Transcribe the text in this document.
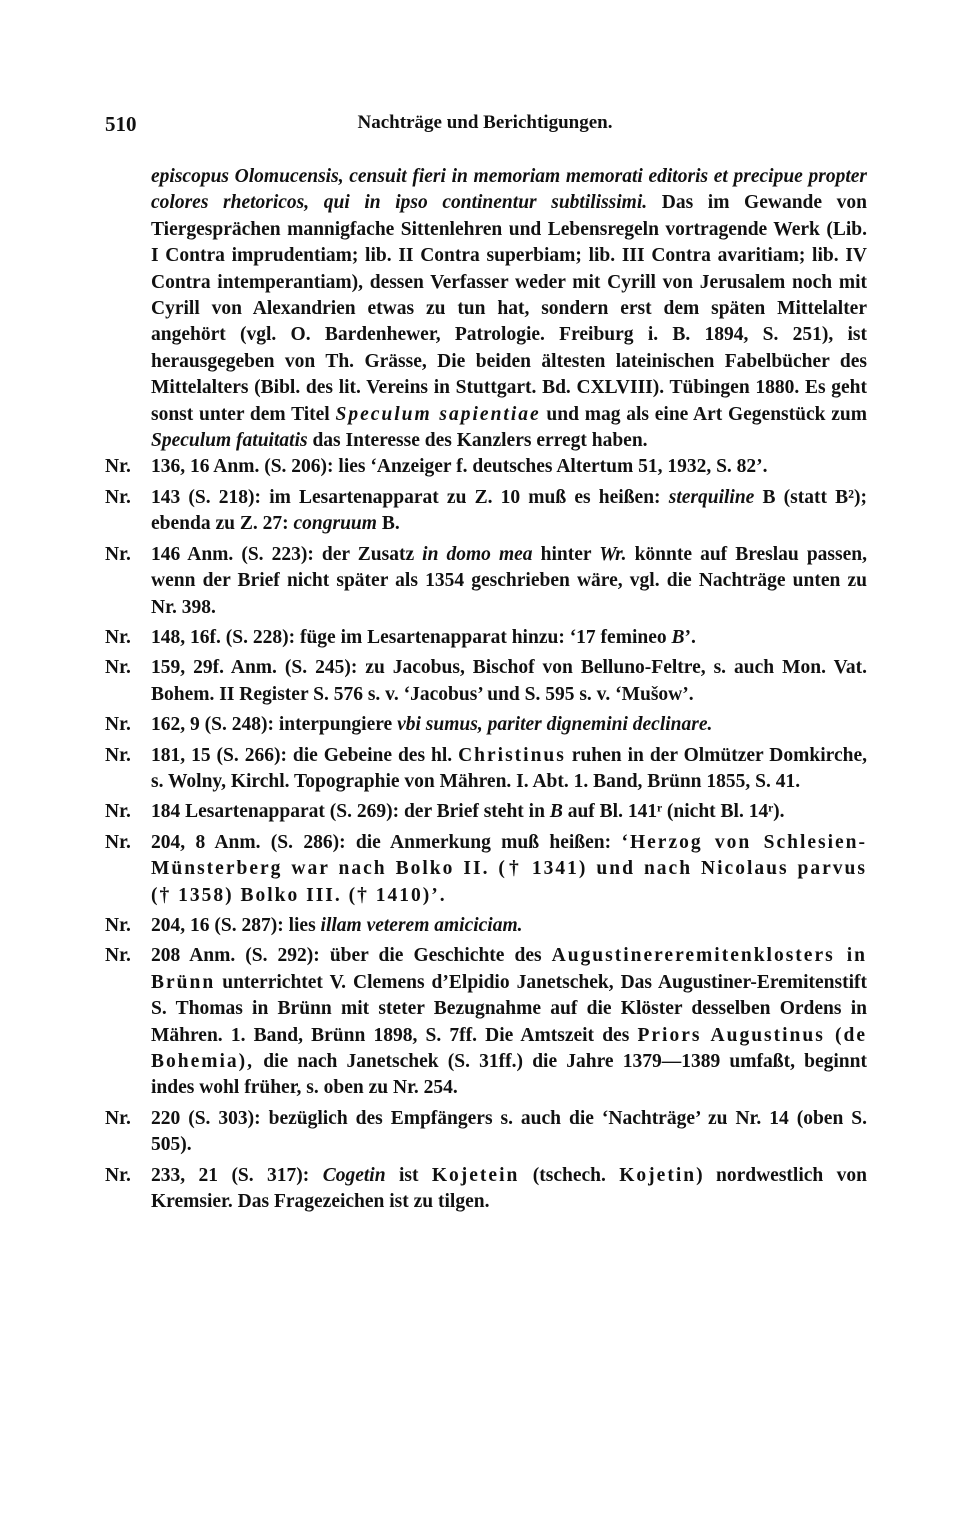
510	Nachträge und Berichtigungen.

episcopus Olomucensis, censuit fieri in memoriam memorati editoris et precipue propter colores rhetoricos, qui in ipso continentur subtilissimi. Das im Gewande von Tiergesprächen mannigfache Sittenlehren und Lebensregeln vortragende Werk (Lib. I Contra imprudentiam; lib. II Contra superbiam; lib. III Contra avaritiam; lib. IV Contra intemperantiam), dessen Verfasser weder mit Cyrill von Jerusalem noch mit Cyrill von Alexandrien etwas zu tun hat, sondern erst dem späten Mittelalter angehört (vgl. O. Bardenhewer, Patrologie. Freiburg i. B. 1894, S. 251), ist herausgegeben von Th. Grässe, Die beiden ältesten lateinischen Fabelbücher des Mittelalters (Bibl. des lit. Vereins in Stuttgart. Bd. CXLVIII). Tübingen 1880. Es geht sonst unter dem Titel Speculum sapientiae und mag als eine Art Gegenstück zum Speculum fatuitatis das Interesse des Kanzlers erregt haben.

Nr.	136, 16 Anm. (S. 206): lies ‘Anzeiger f. deutsches Altertum 51, 1932, S. 82’.
Nr.	143 (S. 218): im Lesartenapparat zu Z. 10 muß es heißen: sterquiline B (statt B²); ebenda zu Z. 27: congruum B.
Nr.	146 Anm. (S. 223): der Zusatz in domo mea hinter Wr. könnte auf Breslau passen, wenn der Brief nicht später als 1354 geschrieben wäre, vgl. die Nachträge unten zu Nr. 398.
Nr.	148, 16f. (S. 228): füge im Lesartenapparat hinzu: ‘17 femineo B’.
Nr.	159, 29f. Anm. (S. 245): zu Jacobus, Bischof von Belluno-Feltre, s. auch Mon. Vat. Bohem. II Register S. 576 s. v. ‘Jacobus’ und S. 595 s. v. ‘Mušow’.
Nr.	162, 9 (S. 248): interpungiere vbi sumus, pariter dignemini declinare.
Nr.	181, 15 (S. 266): die Gebeine des hl. Christinus ruhen in der Olmützer Domkirche, s. Wolny, Kirchl. Topographie von Mähren. I. Abt. 1. Band, Brünn 1855, S. 41.
Nr.	184 Lesartenapparat (S. 269): der Brief steht in B auf Bl. 141ʳ (nicht Bl. 14ʳ).
Nr.	204, 8 Anm. (S. 286): die Anmerkung muß heißen: ‘Herzog von Schlesien-Münsterberg war nach Bolko II. († 1341) und nach Nicolaus parvus († 1358) Bolko III. († 1410)’.
Nr.	204, 16 (S. 287): lies illam veterem amiciciam.
Nr.	208 Anm. (S. 292): über die Geschichte des Augustinereremitenklosters in Brünn unterrichtet V. Clemens d’Elpidio Janetschek, Das Augustiner-Eremitenstift S. Thomas in Brünn mit steter Bezugnahme auf die Klöster desselben Ordens in Mähren. 1. Band, Brünn 1898, S. 7ff. Die Amtszeit des Priors Augustinus (de Bohemia), die nach Janetschek (S. 31ff.) die Jahre 1379—1389 umfaßt, beginnt indes wohl früher, s. oben zu Nr. 254.
Nr.	220 (S. 303): bezüglich des Empfängers s. auch die ‘Nachträge’ zu Nr. 14 (oben S. 505).
Nr.	233, 21 (S. 317): Cogetin ist Kojetein (tschech. Kojetin) nordwestlich von Kremsier. Das Fragezeichen ist zu tilgen.
